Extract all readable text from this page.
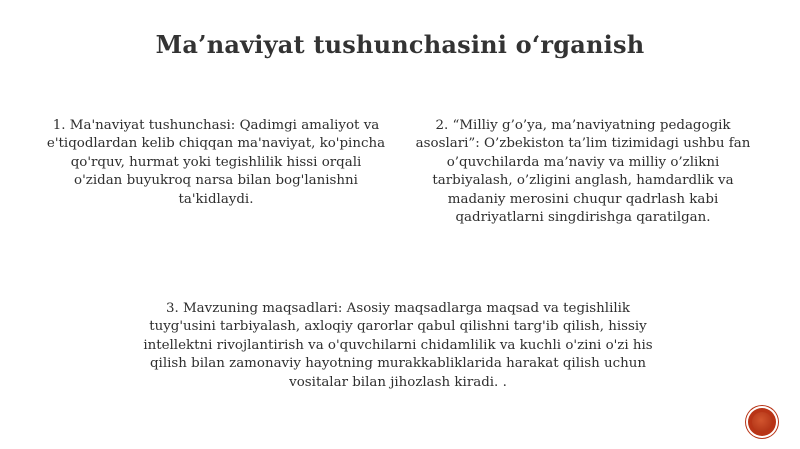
Ma’naviyat tushunchasini o‘rganish
1. Ma'naviyat tushunchasi: Qadimgi amaliyot va e'tiqodlardan kelib chiqqan ma'naviyat, ko'pincha qo'rquv, hurmat yoki tegishlilik hissi orqali o'zidan buyukroq narsa bilan bog'lanishni ta'kidlaydi.
2. “Milliy g’o’ya, ma’naviyatning pedagogik asoslari”: O’zbekiston ta’lim tizimidagi ushbu fan o’quvchilarda ma’naviy va milliy o’zlikni tarbiyalash, o’zligini anglash, hamdardlik va madaniy merosini chuqur qadrlash kabi qadriyatlarni singdirishga qaratilgan.
3. Mavzuning maqsadlari: Asosiy maqsadlarga maqsad va tegishlilik tuyg'usini tarbiyalash, axloqiy qarorlar qabul qilishni targ'ib qilish, hissiy intellektni rivojlantirish va o'quvchilarni chidamlilik va kuchli o'zini o'zi his qilish bilan zamonaviy hayotning murakkabliklarida harakat qilish uchun vositalar bilan jihozlash kiradi. .
